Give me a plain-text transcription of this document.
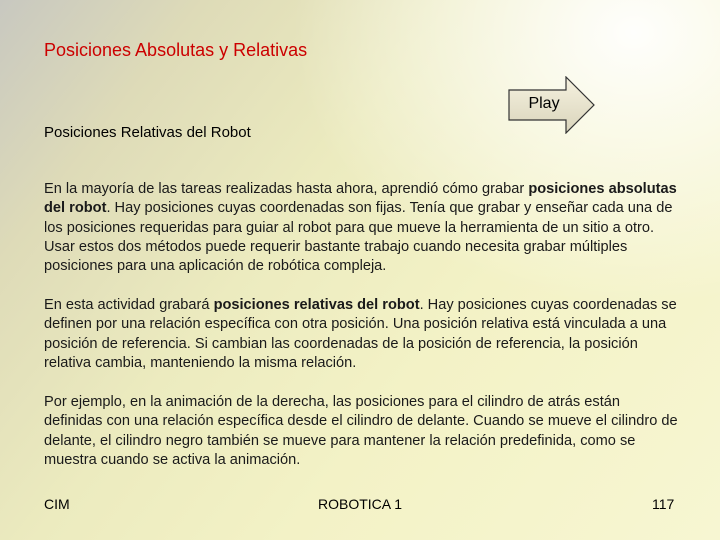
Posiciones Absolutas y Relativas
Play
Posiciones Relativas del Robot

En la mayoría de las tareas realizadas hasta ahora, aprendió cómo grabar posiciones absolutas del robot. Hay posiciones cuyas coordenadas son fijas. Tenía que grabar y enseñar cada una de los posiciones requeridas para guiar al robot para que mueve la herramienta de un sitio a otro. Usar estos dos métodos puede requerir bastante trabajo cuando necesita grabar múltiples posiciones para una aplicación de robótica compleja.

En esta actividad grabará posiciones relativas del robot. Hay posiciones cuyas coordenadas se definen por una relación específica con otra posición. Una posición relativa está vinculada a una posición de referencia. Si cambian las coordenadas de la posición de referencia, la posición relativa cambia, manteniendo la misma relación.

Por ejemplo, en la animación de la derecha, las posiciones para el cilindro de atrás están definidas con una relación específica desde el cilindro de delante. Cuando se mueve el cilindro de delante, el cilindro negro también se mueve para mantener la relación predefinida, como se muestra cuando se activa la animación.

CIM	ROBOTICA 1	117
